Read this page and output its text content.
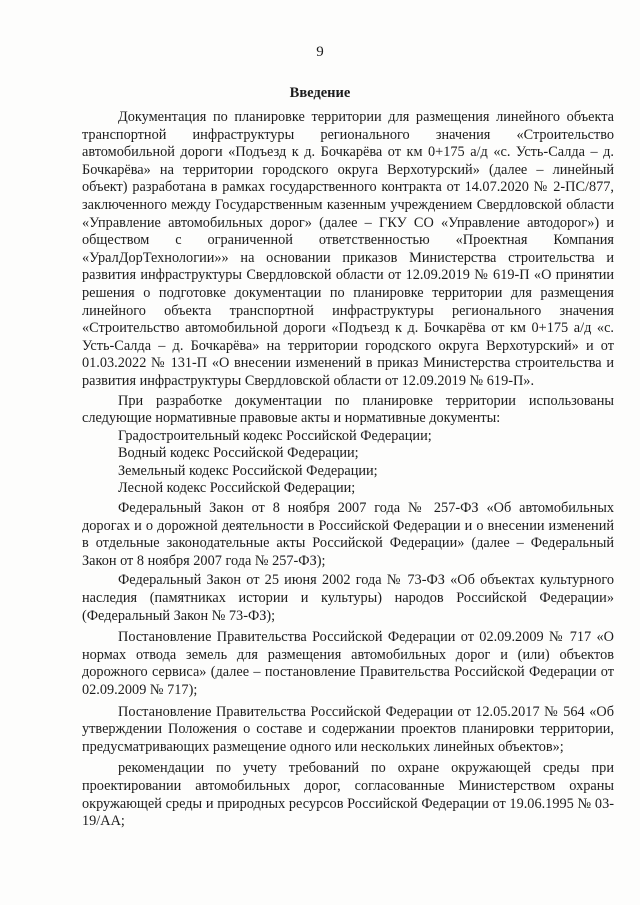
9
Введение

Документация по планировке территории для размещения линейного объекта транспортной инфраструктуры регионального значения «Строительство автомобильной дороги «Подъезд к д. Бочкарёва от км 0+175 а/д «с. Усть-Салда – д. Бочкарёва» на территории городского округа Верхотурский» (далее – линейный объект) разработана в рамках государственного контракта от 14.07.2020 № 2-ПС/877, заключенного между Государственным казенным учреждением Свердловской области «Управление автомобильных дорог» (далее – ГКУ СО «Управление автодорог») и обществом с ограниченной ответственностью «Проектная Компания «УралДорТехнологии»» на основании приказов Министерства строительства и развития инфраструктуры Свердловской области от 12.09.2019 № 619-П «О принятии решения о подготовке документации по планировке территории для размещения линейного объекта транспортной инфраструктуры регионального значения «Строительство автомобильной дороги «Подъезд к д. Бочкарёва от км 0+175 а/д «с. Усть-Салда – д. Бочкарёва» на территории городского округа Верхотурский» и от 01.03.2022 № 131-П «О внесении изменений в приказ Министерства строительства и развития инфраструктуры Свердловской области от 12.09.2019 № 619-П».

При разработке документации по планировке территории использованы следующие нормативные правовые акты и нормативные документы:

Градостроительный кодекс Российской Федерации;

Водный кодекс Российской Федерации;

Земельный кодекс Российской Федерации;

Лесной кодекс Российской Федерации;

Федеральный Закон от 8 ноября 2007 года № 257-ФЗ «Об автомобильных дорогах и о дорожной деятельности в Российской Федерации и о внесении изменений в отдельные законодательные акты Российской Федерации» (далее – Федеральный Закон от 8 ноября 2007 года № 257-ФЗ);

Федеральный Закон от 25 июня 2002 года № 73-ФЗ «Об объектах культурного наследия (памятниках истории и культуры) народов Российской Федерации» (Федеральный Закон № 73-ФЗ);

Постановление Правительства Российской Федерации от 02.09.2009 № 717 «О нормах отвода земель для размещения автомобильных дорог и (или) объектов дорожного сервиса» (далее – постановление Правительства Российской Федерации от 02.09.2009 № 717);

Постановление Правительства Российской Федерации от 12.05.2017 № 564 «Об утверждении Положения о составе и содержании проектов планировки территории, предусматривающих размещение одного или нескольких линейных объектов»;

рекомендации по учету требований по охране окружающей среды при проектировании автомобильных дорог, согласованные Министерством охраны окружающей среды и природных ресурсов Российской Федерации от 19.06.1995 № 03-19/АА;
